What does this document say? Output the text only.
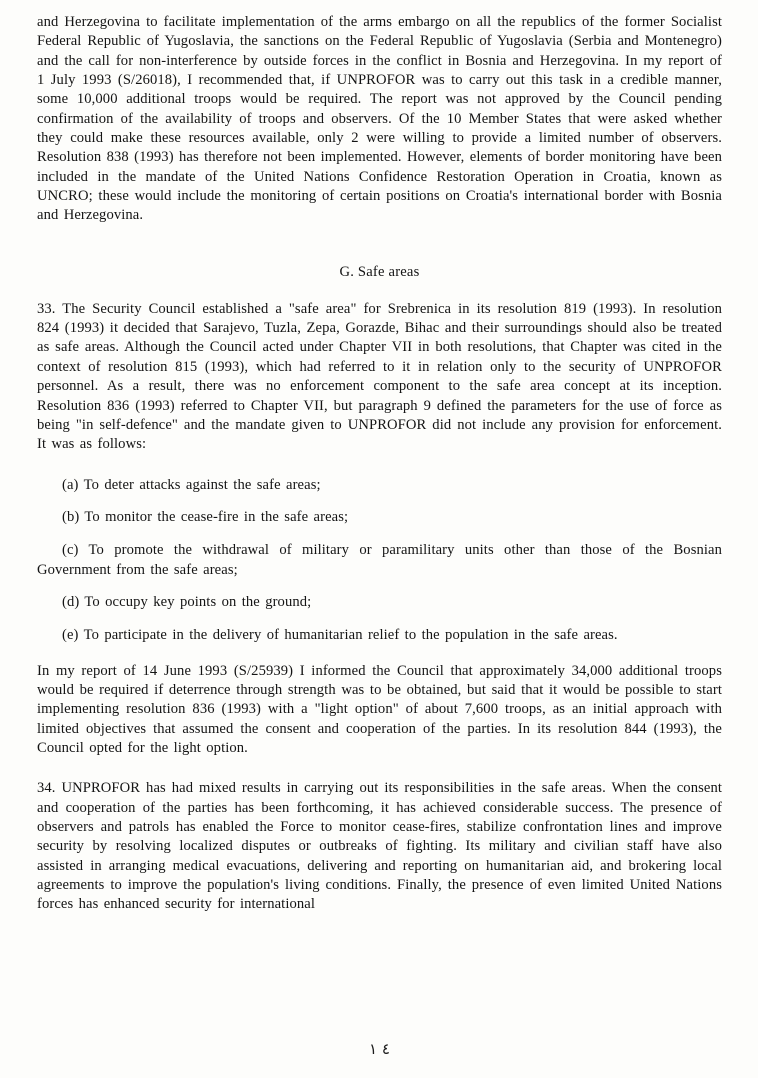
and Herzegovina to facilitate implementation of the arms embargo on all the republics of the former Socialist Federal Republic of Yugoslavia, the sanctions on the Federal Republic of Yugoslavia (Serbia and Montenegro) and the call for non-interference by outside forces in the conflict in Bosnia and Herzegovina. In my report of 1 July 1993 (S/26018), I recommended that, if UNPROFOR was to carry out this task in a credible manner, some 10,000 additional troops would be required. The report was not approved by the Council pending confirmation of the availability of troops and observers. Of the 10 Member States that were asked whether they could make these resources available, only 2 were willing to provide a limited number of observers. Resolution 838 (1993) has therefore not been implemented. However, elements of border monitoring have been included in the mandate of the United Nations Confidence Restoration Operation in Croatia, known as UNCRO; these would include the monitoring of certain positions on Croatia's international border with Bosnia and Herzegovina.

G. Safe areas

33. The Security Council established a "safe area" for Srebrenica in its resolution 819 (1993). In resolution 824 (1993) it decided that Sarajevo, Tuzla, Zepa, Gorazde, Bihac and their surroundings should also be treated as safe areas. Although the Council acted under Chapter VII in both resolutions, that Chapter was cited in the context of resolution 815 (1993), which had referred to it in relation only to the security of UNPROFOR personnel. As a result, there was no enforcement component to the safe area concept at its inception. Resolution 836 (1993) referred to Chapter VII, but paragraph 9 defined the parameters for the use of force as being "in self-defence" and the mandate given to UNPROFOR did not include any provision for enforcement. It was as follows:

(a) To deter attacks against the safe areas;
(b) To monitor the cease-fire in the safe areas;
(c) To promote the withdrawal of military or paramilitary units other than those of the Bosnian Government from the safe areas;
(d) To occupy key points on the ground;
(e) To participate in the delivery of humanitarian relief to the population in the safe areas.

In my report of 14 June 1993 (S/25939) I informed the Council that approximately 34,000 additional troops would be required if deterrence through strength was to be obtained, but said that it would be possible to start implementing resolution 836 (1993) with a "light option" of about 7,600 troops, as an initial approach with limited objectives that assumed the consent and cooperation of the parties. In its resolution 844 (1993), the Council opted for the light option.

34. UNPROFOR has had mixed results in carrying out its responsibilities in the safe areas. When the consent and cooperation of the parties has been forthcoming, it has achieved considerable success. The presence of observers and patrols has enabled the Force to monitor cease-fires, stabilize confrontation lines and improve security by resolving localized disputes or outbreaks of fighting. Its military and civilian staff have also assisted in arranging medical evacuations, delivering and reporting on humanitarian aid, and brokering local agreements to improve the population's living conditions. Finally, the presence of even limited United Nations forces has enhanced security for international

٤ ١
